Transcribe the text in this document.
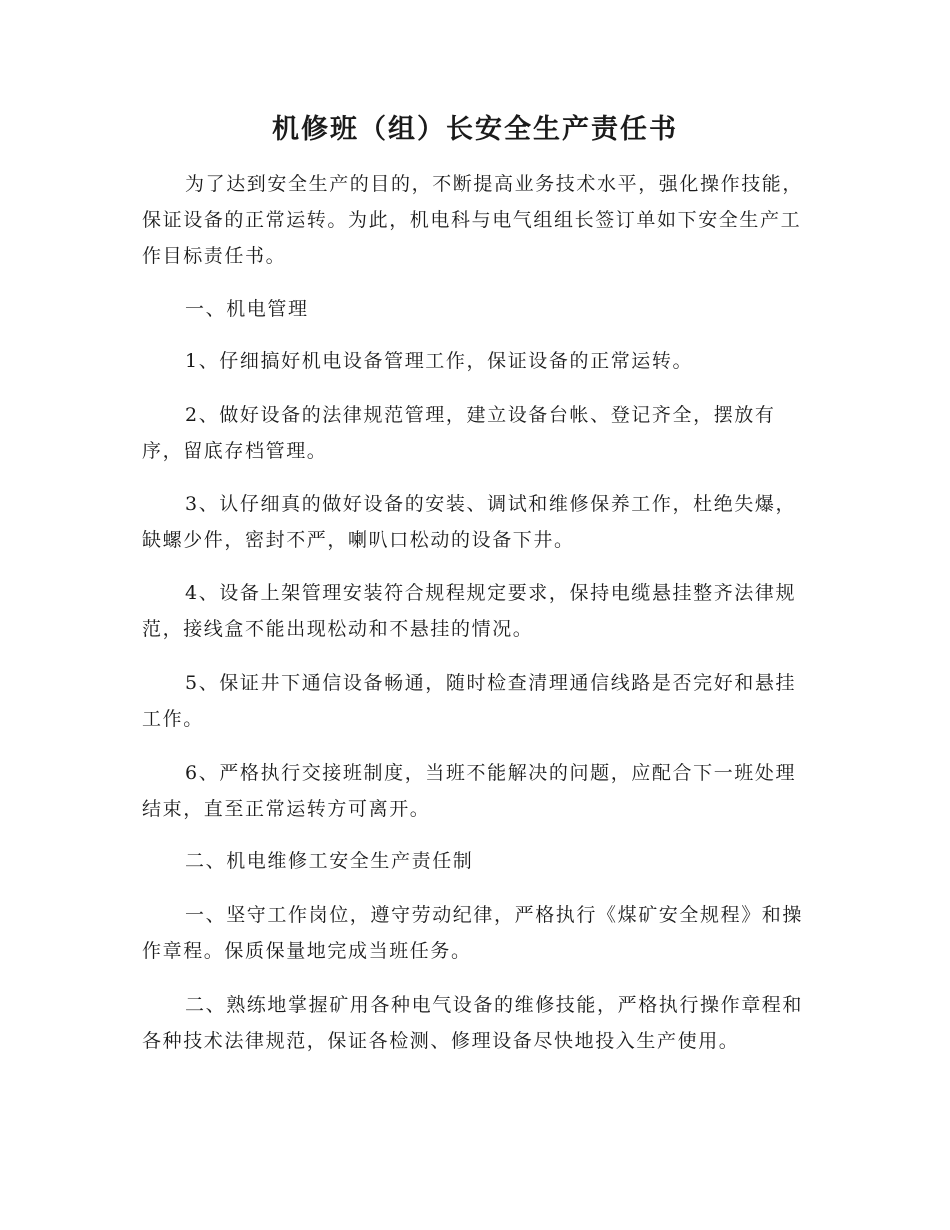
机修班（组）长安全生产责任书
为了达到安全生产的目的，不断提高业务技术水平，强化操作技能，保证设备的正常运转。为此，机电科与电气组组长签订单如下安全生产工作目标责任书。
一、机电管理
1、仔细搞好机电设备管理工作，保证设备的正常运转。
2、做好设备的法律规范管理，建立设备台帐、登记齐全，摆放有序，留底存档管理。
3、认仔细真的做好设备的安装、调试和维修保养工作，杜绝失爆，缺螺少件，密封不严，喇叭口松动的设备下井。
4、设备上架管理安装符合规程规定要求，保持电缆悬挂整齐法律规范，接线盒不能出现松动和不悬挂的情况。
5、保证井下通信设备畅通，随时检查清理通信线路是否完好和悬挂工作。
6、严格执行交接班制度，当班不能解决的问题，应配合下一班处理结束，直至正常运转方可离开。
二、机电维修工安全生产责任制
一、坚守工作岗位，遵守劳动纪律，严格执行《煤矿安全规程》和操作章程。保质保量地完成当班任务。
二、熟练地掌握矿用各种电气设备的维修技能，严格执行操作章程和各种技术法律规范，保证各检测、修理设备尽快地投入生产使用。
